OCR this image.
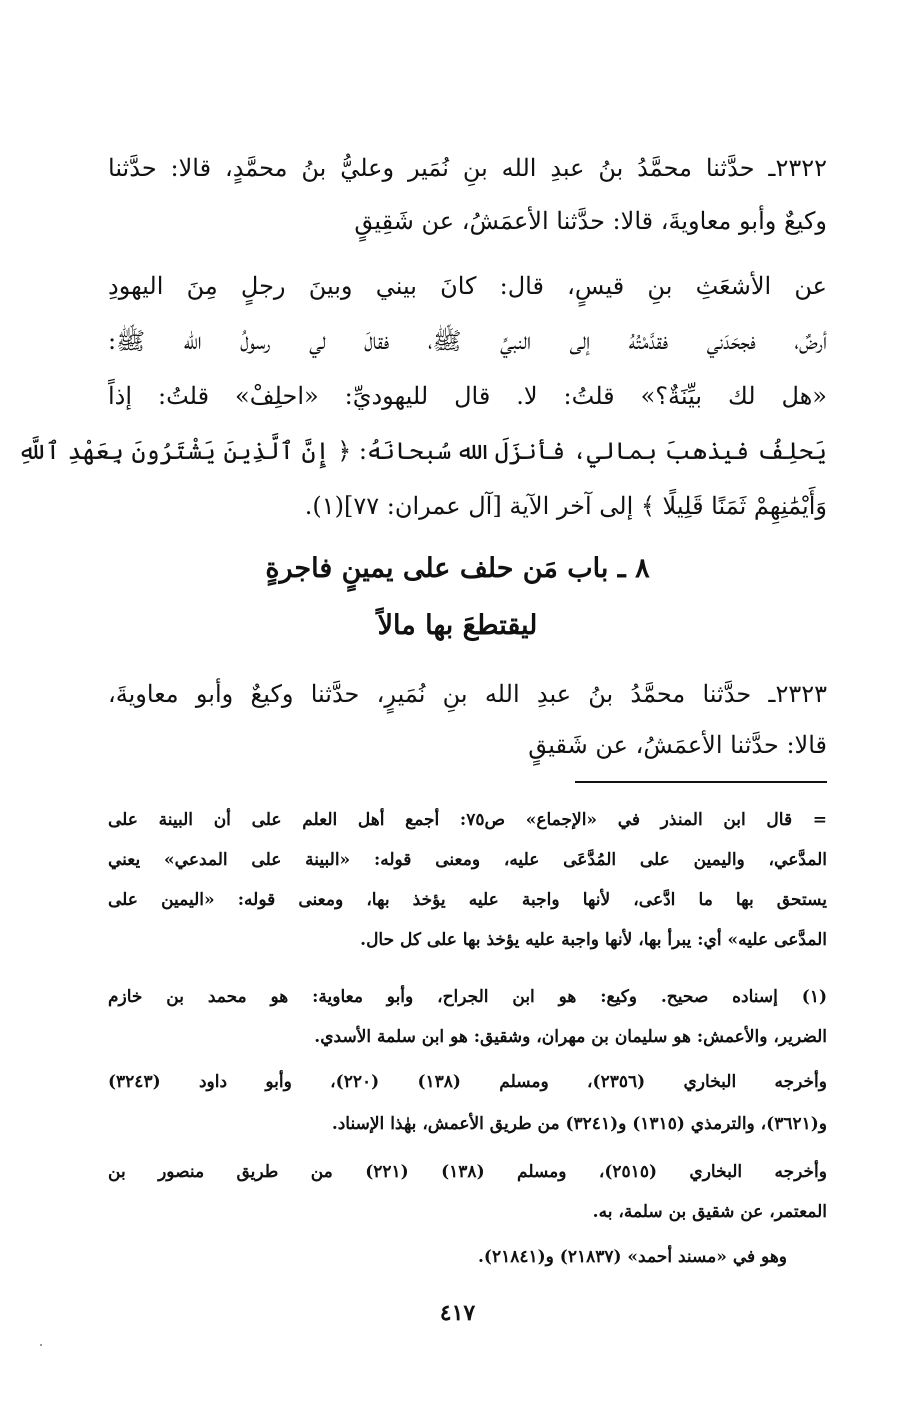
٢٣٢٢ـ حدَّثنا محمَّدُ بنُ عبدِ الله بنِ نُمَير وعليُّ بنُ محمَّدٍ، قالا: حدَّثنا
وكيعٌ وأبو معاويةَ، قالا: حدَّثنا الأعمَشُ، عن شَقِيقٍ
عن الأشعَثِ بنِ قيسٍ، قال: كانَ بيني وبينَ رجلٍ مِنَ اليهودِ
أرضٌ، فجحَدَني فقدَّمْتُهُ إلى النبيِّ ﷺ، فقالَ لي رسولُ الله ﷺ:
«هل لك بيِّنَةٌ؟» قلتُ: لا. قال لليهوديِّ: «احلِفْ» قلتُ: إذاً
يَحلِفُ فيذهبَ بمالي، فأنزَلَ الله سُبحانَهُ: ﴿ إِنَّ ٱلَّذِينَ يَشْتَرُونَ بِعَهْدِ ٱللَّهِ
وَأَيْمَٰنِهِمْ ثَمَنًا قَلِيلًا ﴾ إلى آخر الآية [آل عمران: ٧٧](١).
٨ ـ باب مَن حلف على يمينٍ فاجرةٍ
ليقتطعَ بها مالاً
٢٣٢٣ـ حدَّثنا محمَّدُ بنُ عبدِ الله بنِ نُمَيرٍ، حدَّثنا وكيعٌ وأبو معاويةَ،
قالا: حدَّثنا الأعمَشُ، عن شَقيقٍ
= قال ابن المنذر في «الإجماع» ص٧٥: أجمع أهل العلم على أن البينة على
المدَّعي، واليمين على المُدَّعَى عليه، ومعنى قوله: «البينة على المدعي» يعني
يستحق بها ما ادَّعى، لأنها واجبة عليه يؤخذ بها، ومعنى قوله: «اليمين على
المدَّعى عليه» أي: يبرأ بها، لأنها واجبة عليه يؤخذ بها على كل حال.
(١) إسناده صحيح. وكيع: هو ابن الجراح، وأبو معاوية: هو محمد بن خازم
الضرير، والأعمش: هو سليمان بن مهران، وشقيق: هو ابن سلمة الأسدي.
وأخرجه البخاري (٢٣٥٦)، ومسلم (١٣٨) (٢٢٠)، وأبو داود (٣٢٤٣)
و(٣٦٢١)، والترمذي (١٣١٥) و(٣٢٤١) من طريق الأعمش، بهٰذا الإسناد.
وأخرجه البخاري (٢٥١٥)، ومسلم (١٣٨) (٢٢١) من طريق منصور بن
المعتمر، عن شقيق بن سلمة، به.
وهو في «مسند أحمد» (٢١٨٣٧) و(٢١٨٤١).
٤١٧
